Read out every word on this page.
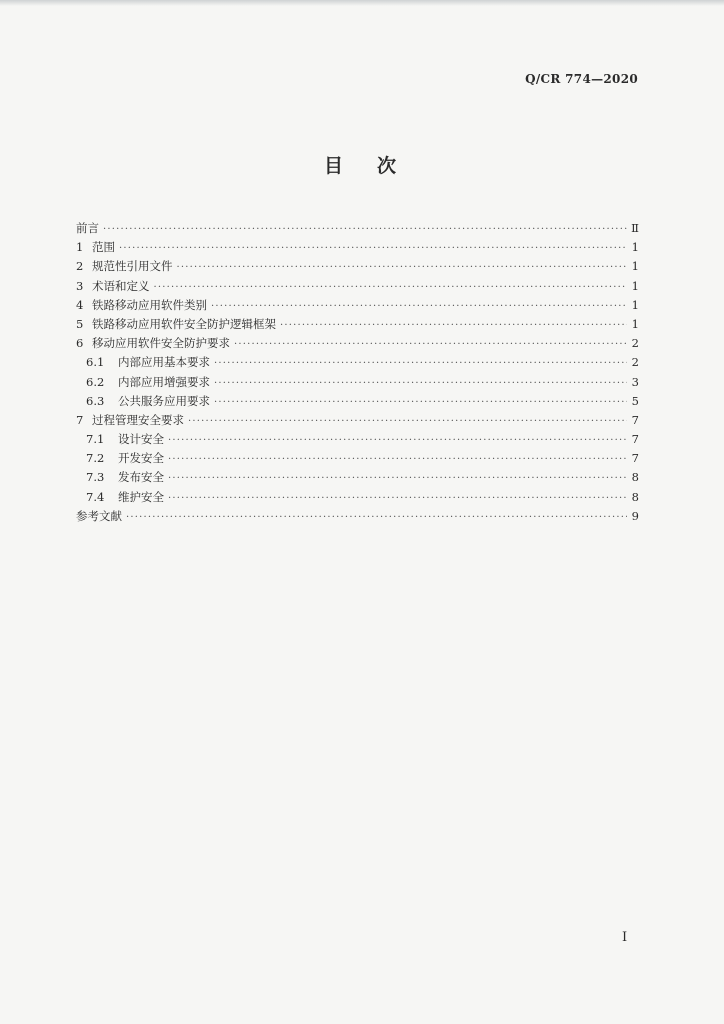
Q/CR 774—2020
目 次
前言 ·····	Ⅱ
1 范围 ·····	1
2 规范性引用文件 ·····	1
3 术语和定义 ·····	1
4 铁路移动应用软件类别 ·····	1
5 铁路移动应用软件安全防护逻辑框架 ·····	1
6 移动应用软件安全防护要求 ·····	2
6.1	内部应用基本要求 ·····	2
6.2	内部应用增强要求 ·····	3
6.3	公共服务应用要求 ·····	5
7 过程管理安全要求 ·····	7
7.1	设计安全 ·····	7
7.2	开发安全 ·····	7
7.3	发布安全 ·····	8
7.4	维护安全 ·····	8
参考文献 ·····	9
I
